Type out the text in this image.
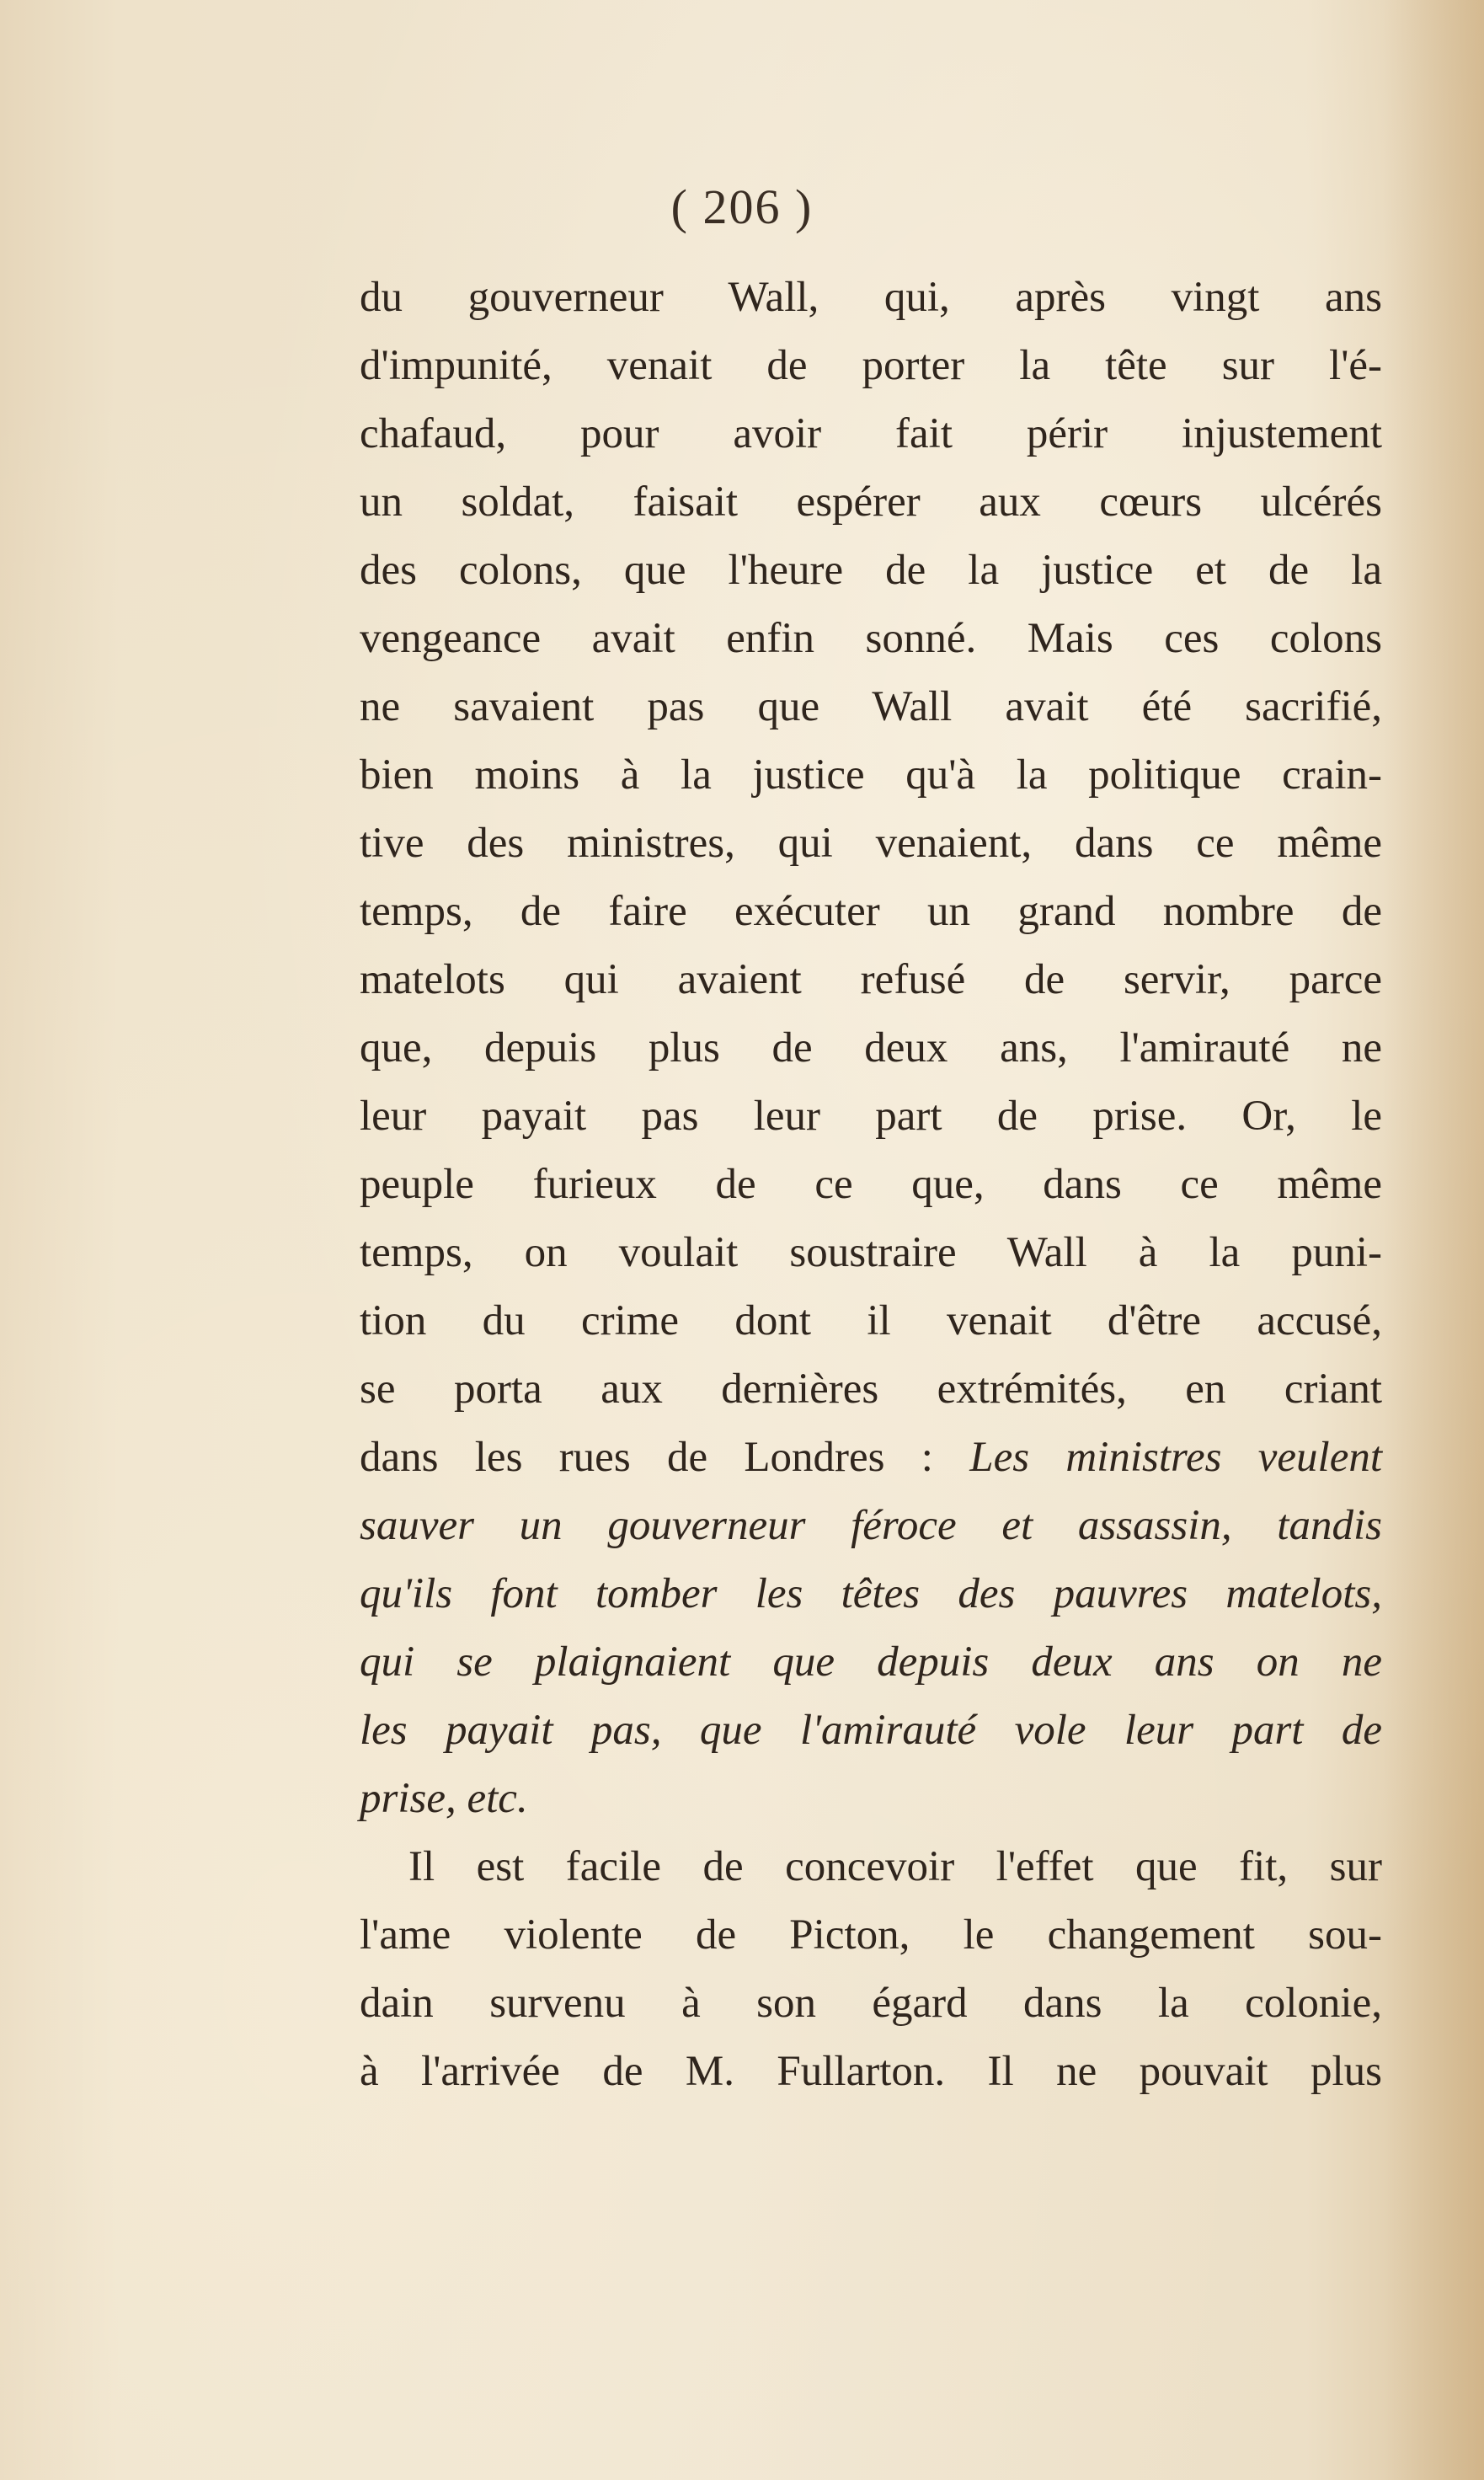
( 206 )
du gouverneur Wall, qui, après vingt ans
d'impunité, venait de porter la tête sur l'é-
chafaud, pour avoir fait périr injustement
un soldat, faisait espérer aux cœurs ulcérés
des colons, que l'heure de la justice et de la
vengeance avait enfin sonné. Mais ces colons
ne savaient pas que Wall avait été sacrifié,
bien moins à la justice qu'à la politique crain-
tive des ministres, qui venaient, dans ce même
temps, de faire exécuter un grand nombre de
matelots qui avaient refusé de servir, parce
que, depuis plus de deux ans, l'amirauté ne
leur payait pas leur part de prise. Or, le
peuple furieux de ce que, dans ce même
temps, on voulait soustraire Wall à la puni-
tion du crime dont il venait d'être accusé,
se porta aux dernières extrémités, en criant
dans les rues de Londres : Les ministres veulent
sauver un gouverneur féroce et assassin, tandis
qu'ils font tomber les têtes des pauvres matelots,
qui se plaignaient que depuis deux ans on ne
les payait pas, que l'amirauté vole leur part de
prise, etc.
Il est facile de concevoir l'effet que fit, sur
l'ame violente de Picton, le changement sou-
dain survenu à son égard dans la colonie,
à l'arrivée de M. Fullarton. Il ne pouvait plus
